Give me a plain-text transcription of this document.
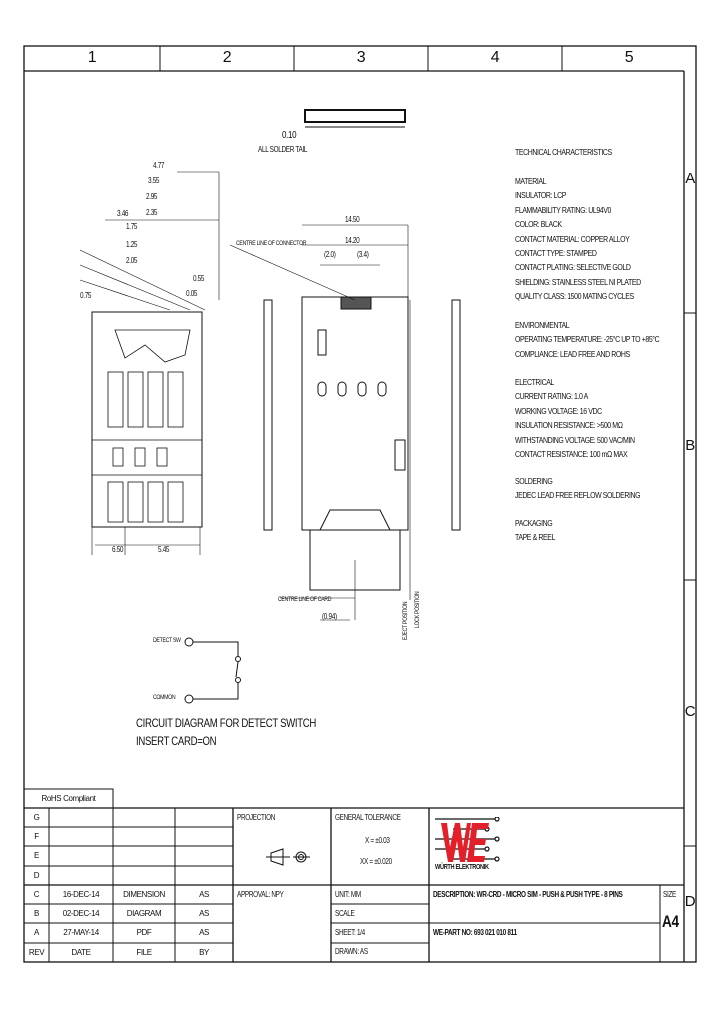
1	2	3	4	5
A
B
C
D
0.10
ALL SOLDER TAIL
4.77
3.55
2.95
2.35
1.75
1.25
2.05
3.46
0.75
0.55
0.05
6.50	5.45
14.50
14.20
(2.0)	(3.4)
(0.94)
CENTRE LINE OF CONNECTOR
CENTRE LINE OF CARD
EJECT POSITION LOCK POSITION
DETECT SW
COMMON
CIRCUIT DIAGRAM FOR DETECT SWITCH
INSERT CARD=ON
TECHNICAL CHARACTERISTICS
MATERIAL
INSULATOR: LCP
FLAMMABILITY RATING: UL94V0
COLOR: BLACK
CONTACT MATERIAL: COPPER ALLOY
CONTACT TYPE: STAMPED
CONTACT PLATING: SELECTIVE GOLD
SHIELDING: STAINLESS STEEL NI PLATED
QUALITY CLASS: 1500 MATING CYCLES
ENVIRONMENTAL
OPERATING TEMPERATURE: -25°C UP TO +85°C
COMPLIANCE: LEAD FREE AND ROHS
ELECTRICAL
CURRENT RATING: 1.0 A
WORKING VOLTAGE: 16 VDC
INSULATION RESISTANCE: >500 MΩ
WITHSTANDING VOLTAGE: 500 VAC/MIN
CONTACT RESISTANCE: 100 mΩ MAX
SOLDERING
JEDEC LEAD FREE REFLOW SOLDERING
PACKAGING
TAPE & REEL
RoHS Compliant
G
F
E
D
C	16-DEC-14	DIMENSION	AS
B	02-DEC-14	DIAGRAM	AS
A	27-MAY-14	PDF	AS
REV	DATE	FILE	BY
PROJECTION
APPROVAL: NPY
GENERAL TOLERANCE
X = ±0.03
XX = ±0.020
UNIT: MM
SCALE
SHEET: 1/4
DRAWN: AS
WÜRTH ELEKTRONIK
DESCRIPTION: WR-CRD - MICRO SIM - PUSH & PUSH TYPE - 8 PINS
WE-PART NO: 693 021 010 811
SIZE
A4
